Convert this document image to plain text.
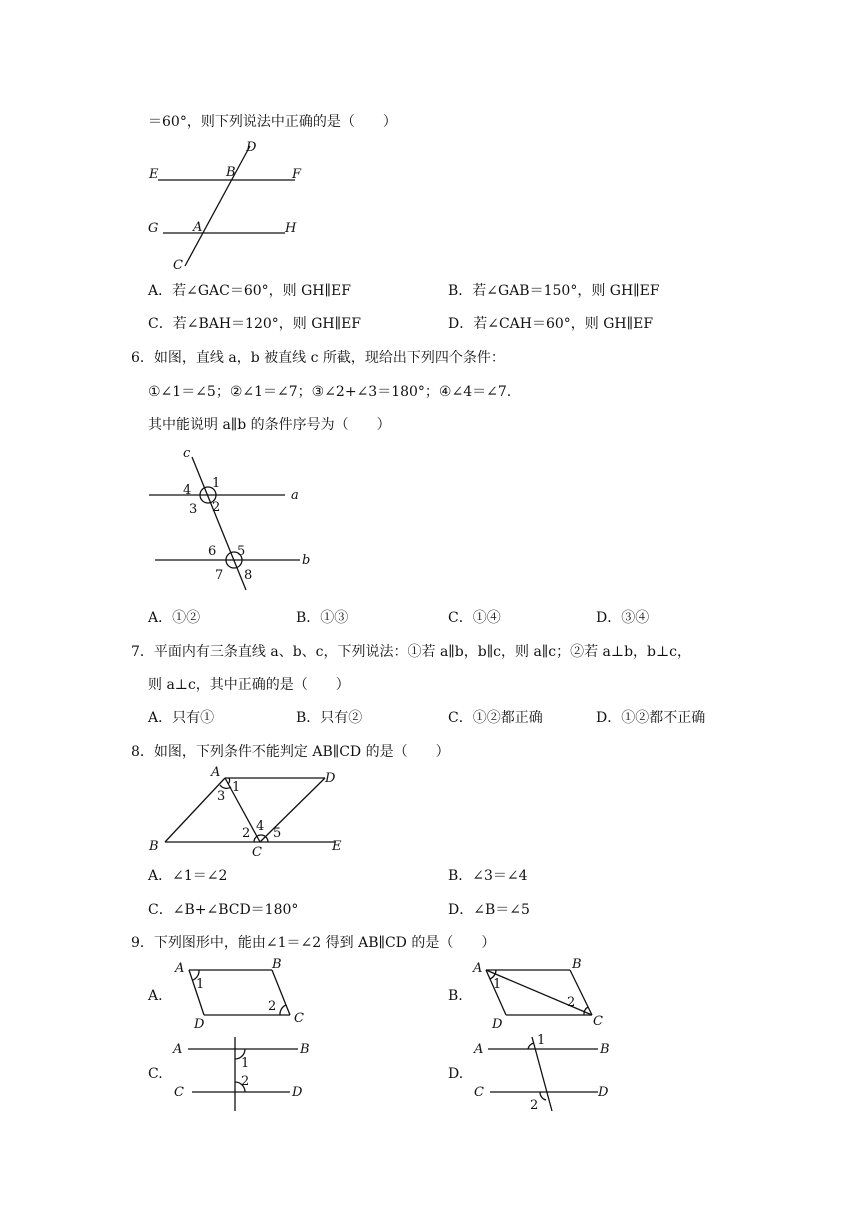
＝60°，则下列说法中正确的是（　　）
D
E	B	F
G	A	H
C
A．若∠GAC＝60°，则 GH∥EF	B．若∠GAB＝150°，则 GH∥EF
C．若∠BAH＝120°，则 GH∥EF	D．若∠CAH＝60°，则 GH∥EF
6．如图，直线 a，b 被直线 c 所截，现给出下列四个条件：
①∠1＝∠5；②∠1＝∠7；③∠2+∠3＝180°；④∠4＝∠7.
其中能说明 a∥b 的条件序号为（　　）
c
a
b
1
4
3 2
5
6
7 8
A．①②	B．①③	C．①④	D．③④
7．平面内有三条直线 a、b、c，下列说法：①若 a∥b，b∥c，则 a∥c；②若 a⊥b，b⊥c，
则 a⊥c，其中正确的是（　　）
A．只有①	B．只有②	C．①②都正确	D．①②都不正确
8．如图，下列条件不能判定 AB∥CD 的是（　　）
A	D
B	C	E
1
3
2 4 5
A．∠1＝∠2	B．∠3＝∠4
C．∠B+∠BCD＝180°	D．∠B＝∠5
9．下列图形中，能由∠1＝∠2 得到 AB∥CD 的是（　　）
A.
A	B
C
D
1
2
B.
A	B
C
D
1
2
C.
A	B
C	D
1
2	D.
A	B
C	D
1
2
